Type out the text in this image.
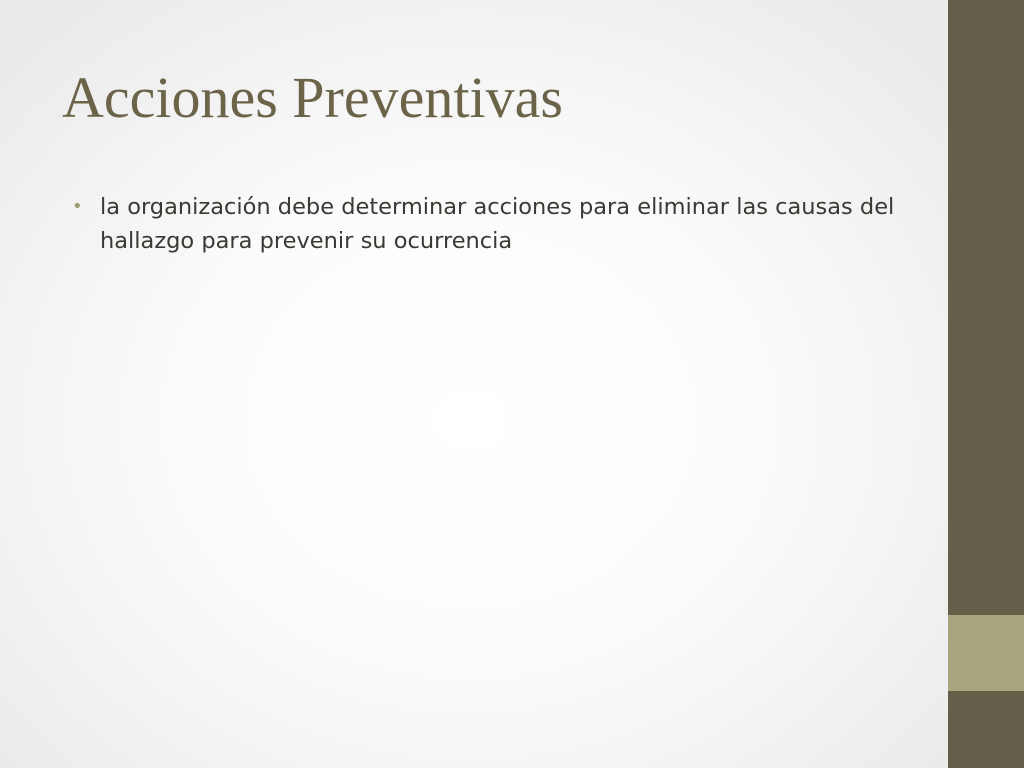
Acciones Preventivas
• la organización debe determinar acciones para eliminar las causas del hallazgo para prevenir su ocurrencia
